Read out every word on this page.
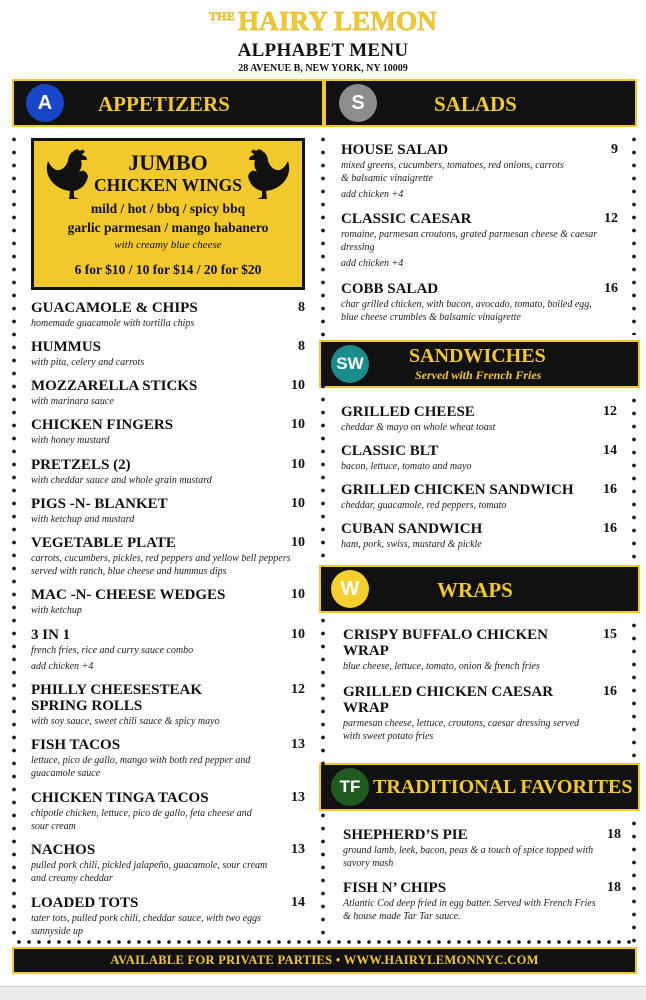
$^{THE}$ HAIRY LEMON
ALPHABET MENU
28 AVENUE B, NEW YORK, NY 10009
A	APPETIZERS	S	SALADS
SW SANDWICHES
Served with French Fries
W	WRAPS
TF TRADITIONAL FAVORITES
JUMBO
CHICKEN WINGS
mild / hot / bbq / spicy bbq
garlic parmesan / mango habanero
with creamy blue cheese
6 for $10 / 10 for $14 / 20 for $20
GUACAMOLE & CHIPS	8
homemade guacamole with tortilla chips
HUMMUS	8
with pita, celery and carrots
MOZZARELLA STICKS	10
with marinara sauce
CHICKEN FINGERS	10
with honey mustard
PRETZELS (2)	10
with cheddar sauce and whole grain mustard
PIGS -N- BLANKET	10
with ketchup and mustard
VEGETABLE PLATE	10
carrots, cucumbers, pickles, red peppers and yellow bell peppers served with ranch, blue cheese and hummus dips
MAC -N- CHEESE WEDGES	10
with ketchup
3 IN 1	10
french fries, rice and curry sauce combo
add chicken +4
PHILLY CHEESESTEAK SPRING ROLLS
12
with soy sauce, sweet chili sauce & spicy mayo
FISH TACOS	13
lettuce, pico de gallo, mango with both red pepper and guacamole sauce
CHICKEN TINGA TACOS	13
chipotle chicken, lettuce, pico de gallo, feta cheese and sour cream
NACHOS	13
pulled pork chili, pickled jalapeño, guacamole, sour cream and creamy cheddar
LOADED TOTS	14
tater tots, pulled pork chili, cheddar sauce, with two eggs sunnyside up
HOUSE SALAD	9
mixed greens, cucumbers, tomatoes, red onions, carrots & balsamic vinaigrette
add chicken +4
CLASSIC CAESAR	12
romaine, parmesan croutons, grated parmesan cheese & caesar dressing
add chicken +4
COBB SALAD	16
char grilled chicken, with bacon, avocado, tomato, boiled egg, blue cheese crumbles & balsamic vinaigrette
GRILLED CHEESE	12
cheddar & mayo on whole wheat toast
CLASSIC BLT	14
bacon, lettuce, tomato and mayo
GRILLED CHICKEN SANDWICH 16
cheddar, guacamole, red peppers, tomato
CUBAN SANDWICH	16
ham, pork, swiss, mustard & pickle
CRISPY BUFFALO CHICKEN WRAP
15
blue cheese, lettuce, tomato, onion & french fries
GRILLED CHICKEN CAESAR WRAP
16
parmesan cheese, lettuce, croutons, caesar dressing served with sweet potato fries
SHEPHERD’S PIE	18
ground lamb, leek, bacon, peas & a touch of spice topped with savory mash
FISH N’ CHIPS	18
Atlantic Cod deep fried in egg batter. Served with French Fries & house made Tar Tar sauce.
AVAILABLE FOR PRIVATE PARTIES • WWW.HAIRYLEMONNYC.COM
